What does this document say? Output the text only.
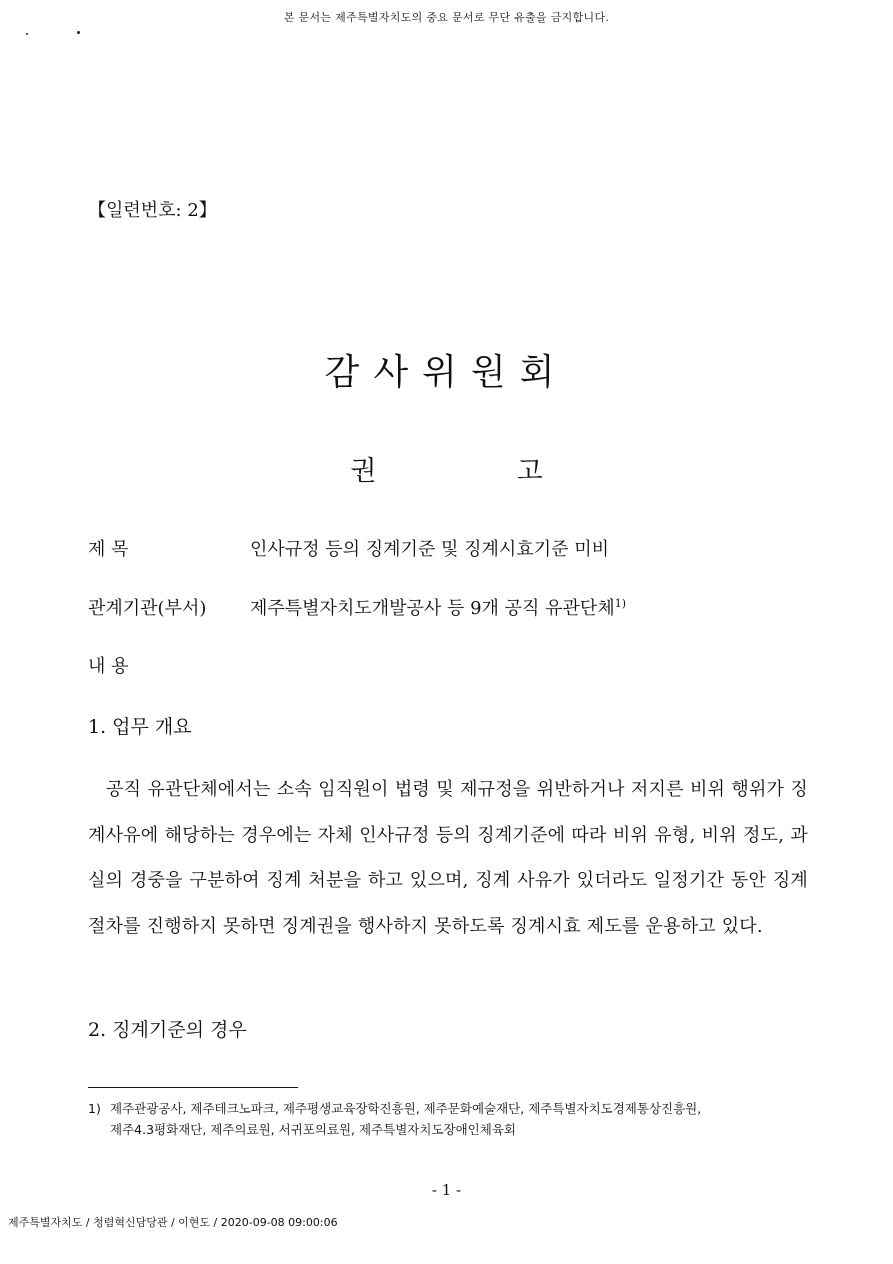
본 문서는 제주특별자치도의 중요 문서로 무단 유출을 금지합니다.
【일련번호: 2】
감사위원회
권	고
제 목	인사규정 등의 징계기준 및 징계시효기준 미비
관계기관(부서) 제주특별자치도개발공사 등 9개 공직 유관단체$^{1)}$
내 용
1. 업무 개요
공직 유관단체에서는 소속 임직원이 법령 및 제규정을 위반하거나 저지른 비위 행위가 징계사유에 해당하는 경우에는 자체 인사규정 등의 징계기준에 따라 비위 유형, 비위 정도, 과실의 경중을 구분하여 징계 처분을 하고 있으며, 징계 사유가 있더라도 일정기간 동안 징계 절차를 진행하지 못하면 징계권을 행사하지 못하도록 징계시효 제도를 운용하고 있다.
2. 징계기준의 경우
1) 제주관광공사, 제주테크노파크, 제주평생교육장학진흥원, 제주문화예술재단, 제주특별자치도경제통상진흥원,
제주4.3평화재단, 제주의료원, 서귀포의료원, 제주특별자치도장애인체육회
- 1 -
제주특별자치도 / 청렴혁신담당관 / 이현도 / 2020-09-08 09:00:06
